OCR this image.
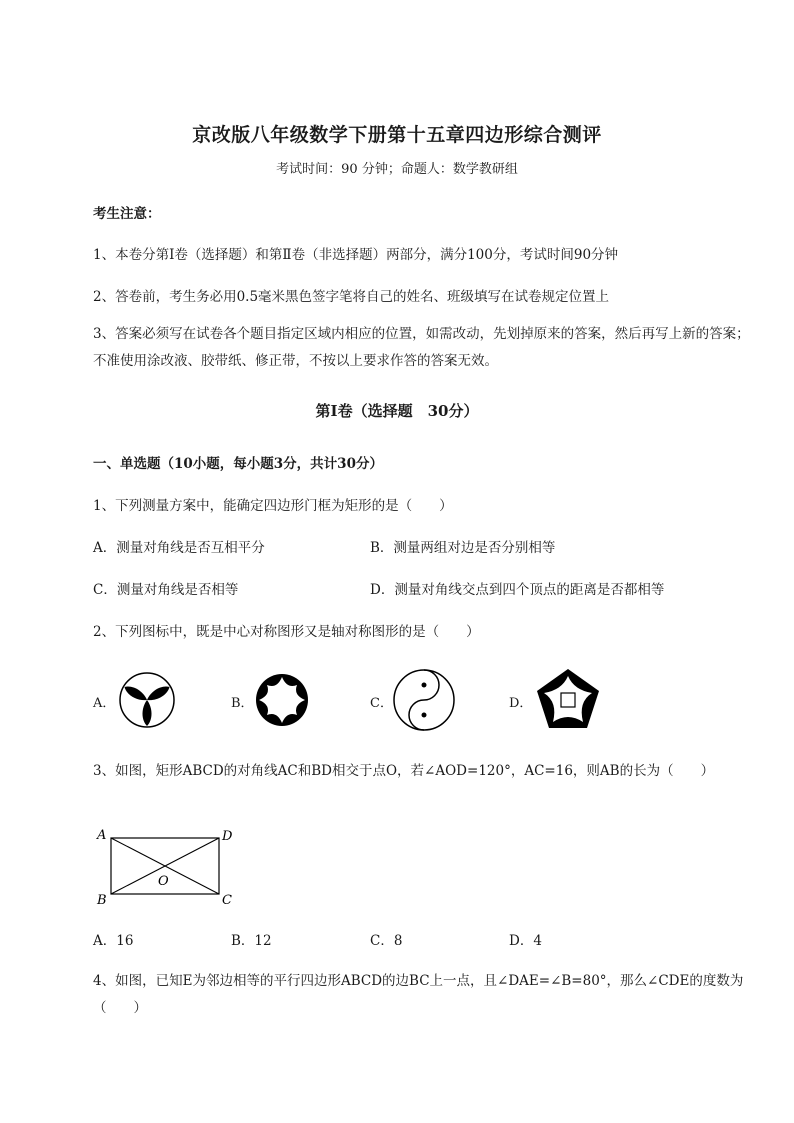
京改版八年级数学下册第十五章四边形综合测评
考试时间：90 分钟；命题人：数学教研组
考生注意：
1、本卷分第Ⅰ卷（选择题）和第Ⅱ卷（非选择题）两部分，满分100分，考试时间90分钟
2、答卷前，考生务必用0.5毫米黑色签字笔将自己的姓名、班级填写在试卷规定位置上
3、答案必须写在试卷各个题目指定区域内相应的位置，如需改动，先划掉原来的答案，然后再写上新的答案；不准使用涂改液、胶带纸、修正带，不按以上要求作答的答案无效。
第Ⅰ卷（选择题　30分）
一、单选题（10小题，每小题3分，共计30分）
1、下列测量方案中，能确定四边形门框为矩形的是（　　）
A．测量对角线是否互相平分	B．测量两组对边是否分别相等
C．测量对角线是否相等	D．测量对角线交点到四个顶点的距离是否都相等
2、下列图标中，既是中心对称图形又是轴对称图形的是（　　）
A．	B．	C．	D．
3、如图，矩形ABCD的对角线AC和BD相交于点O，若∠AOD=120°，AC=16，则AB的长为（　　）
A	D
B	C
O
A．16	B．12	C．8	D．4
4、如图，已知E为邻边相等的平行四边形ABCD的边BC上一点，且∠DAE=∠B=80°，那么∠CDE的度数为（　　）
